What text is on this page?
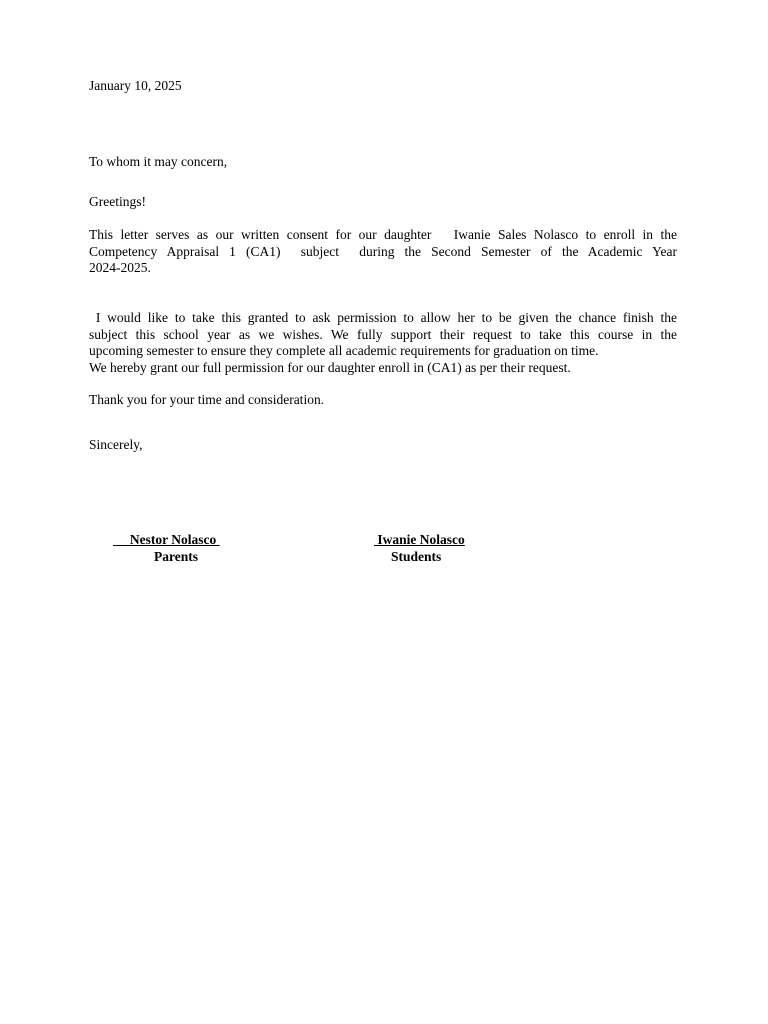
January 10, 2025
To whom it may concern,
Greetings!
This letter serves as our written consent for our daughter   Iwanie Sales Nolasco to enroll in the
Competency Appraisal 1 (CA1)  subject  during the Second Semester of the Academic Year
2024-2025.
I would like to take this granted to ask permission to allow her to be given the chance finish the
subject this school year as we wishes. We fully support their request to take this course in the
upcoming semester to ensure they complete all academic requirements for graduation on time.
We hereby grant our full permission for our daughter enroll in (CA1) as per their request.
Thank you for your time and consideration.
Sincerely,
Nestor Nolasco
Parents
Iwanie Nolasco
Students
